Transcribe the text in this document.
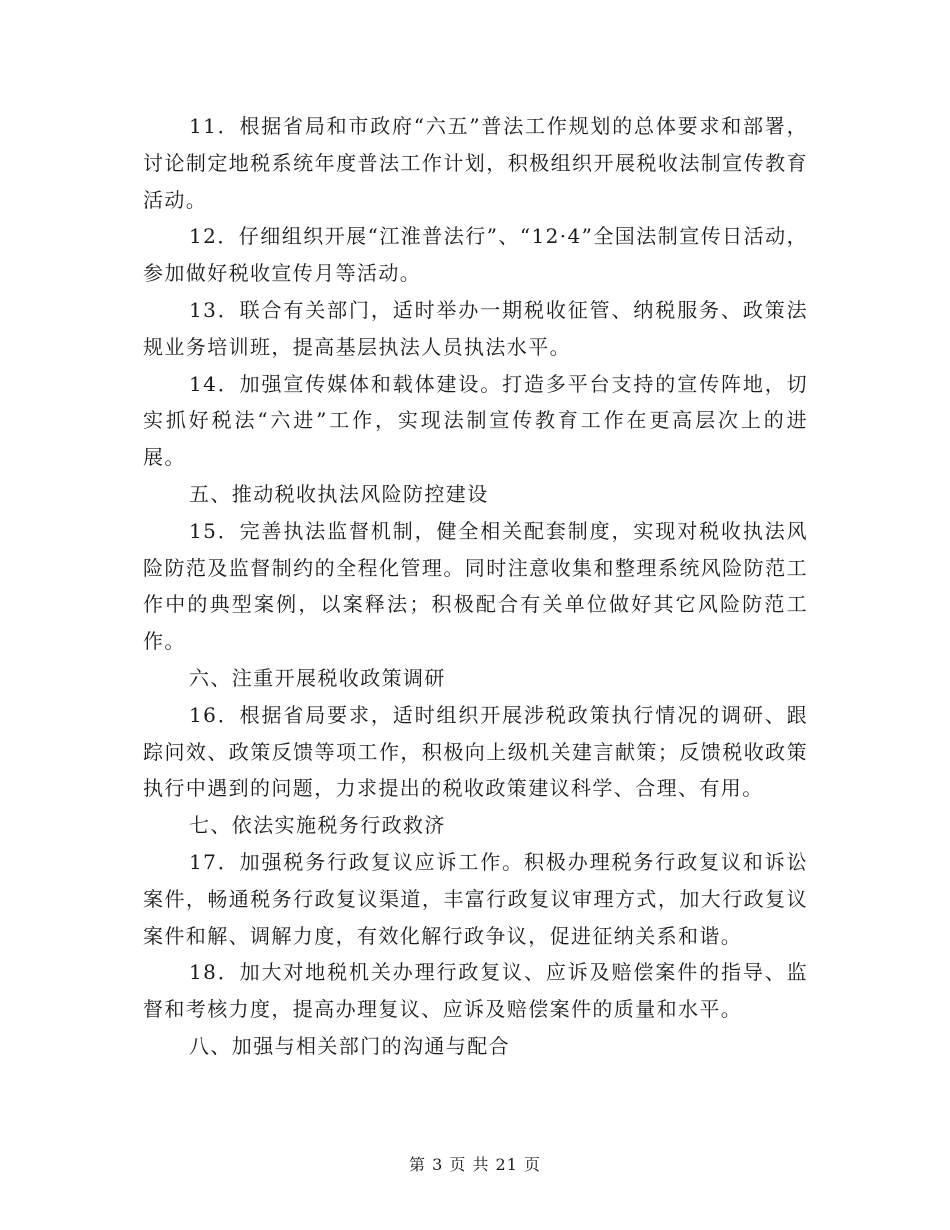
11．根据省局和市政府“六五”普法工作规划的总体要求和部署，讨论制定地税系统年度普法工作计划，积极组织开展税收法制宣传教育活动。

12．仔细组织开展“江淮普法行”、“12·4”全国法制宣传日活动，参加做好税收宣传月等活动。

13．联合有关部门，适时举办一期税收征管、纳税服务、政策法规业务培训班，提高基层执法人员执法水平。

14．加强宣传媒体和载体建设。打造多平台支持的宣传阵地，切实抓好税法“六进”工作，实现法制宣传教育工作在更高层次上的进展。

五、推动税收执法风险防控建设

15．完善执法监督机制，健全相关配套制度，实现对税收执法风险防范及监督制约的全程化管理。同时注意收集和整理系统风险防范工作中的典型案例，以案释法；积极配合有关单位做好其它风险防范工作。

六、注重开展税收政策调研

16．根据省局要求，适时组织开展涉税政策执行情况的调研、跟踪问效、政策反馈等项工作，积极向上级机关建言献策；反馈税收政策执行中遇到的问题，力求提出的税收政策建议科学、合理、有用。

七、依法实施税务行政救济

17．加强税务行政复议应诉工作。积极办理税务行政复议和诉讼案件，畅通税务行政复议渠道，丰富行政复议审理方式，加大行政复议案件和解、调解力度，有效化解行政争议，促进征纳关系和谐。

18．加大对地税机关办理行政复议、应诉及赔偿案件的指导、监督和考核力度，提高办理复议、应诉及赔偿案件的质量和水平。

八、加强与相关部门的沟通与配合

第 3 页 共 21 页
